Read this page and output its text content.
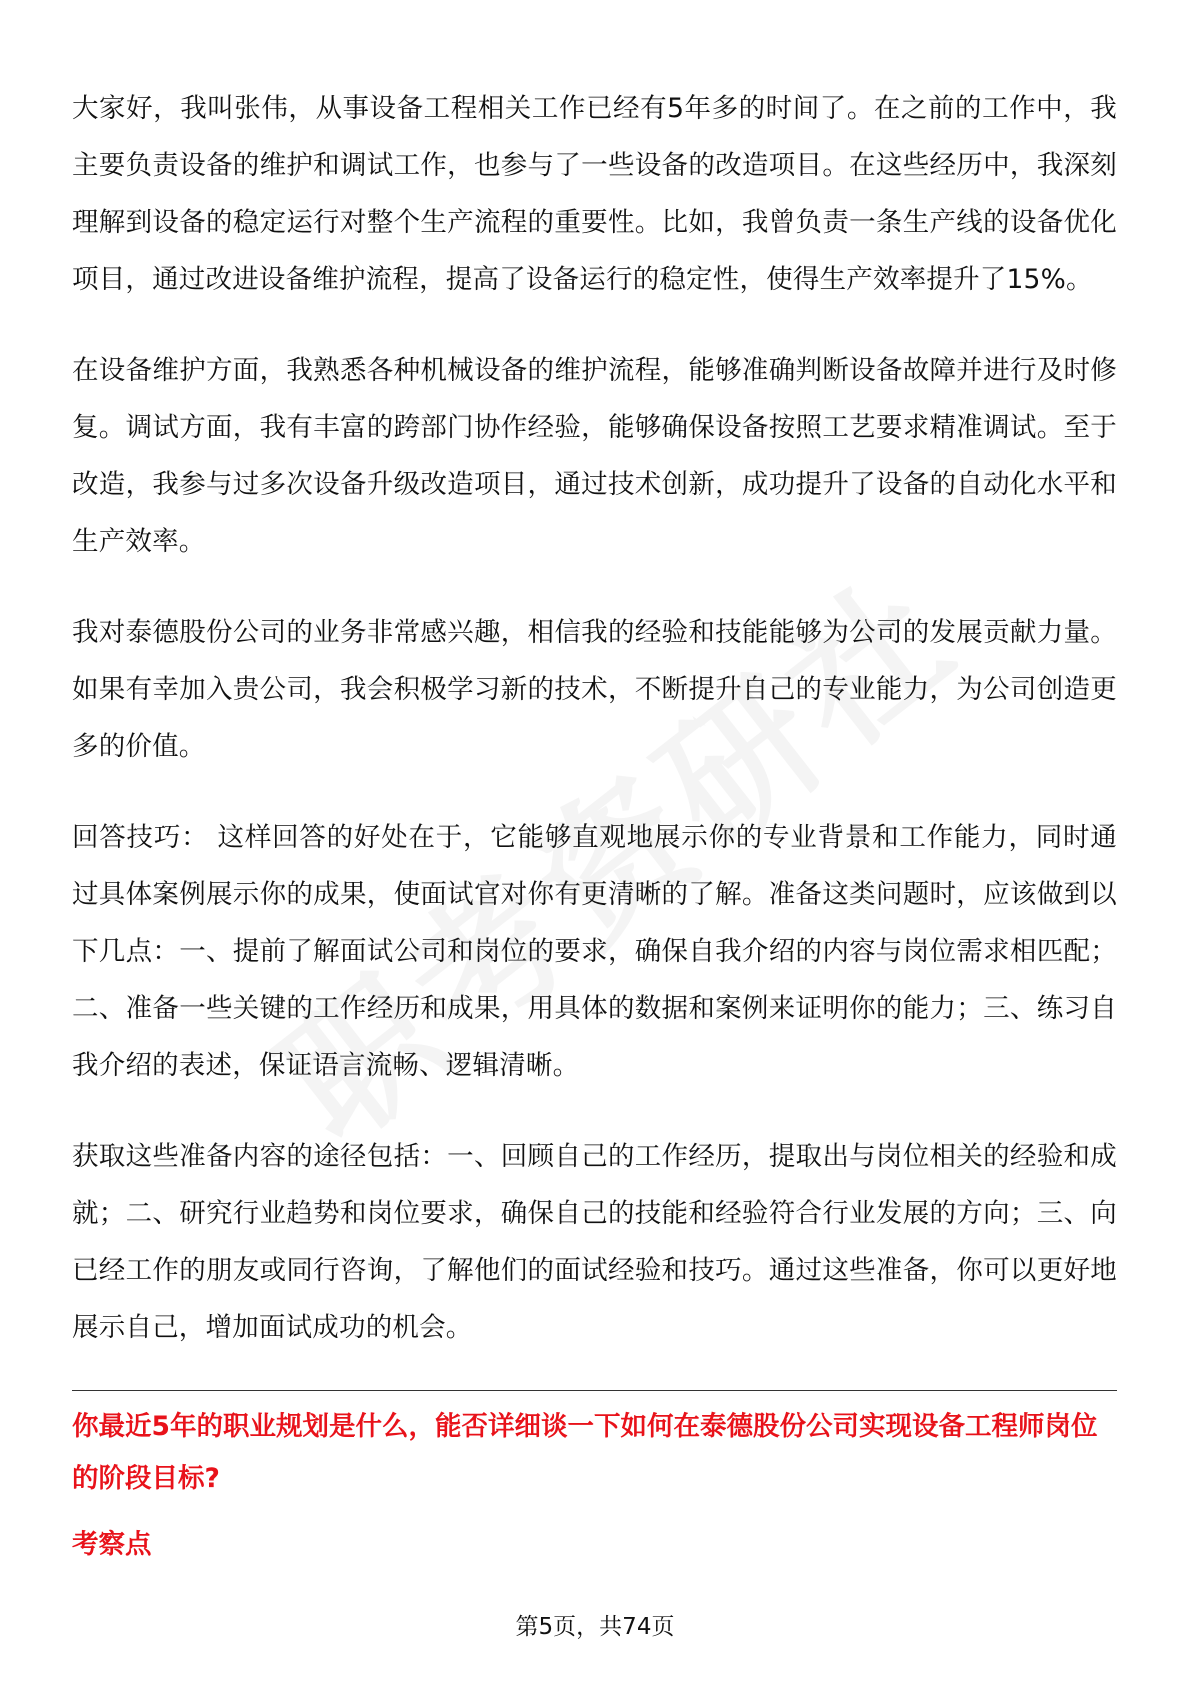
大家好，我叫张伟，从事设备工程相关工作已经有5年多的时间了。在之前的工作中，我主要负责设备的维护和调试工作，也参与了一些设备的改造项目。在这些经历中，我深刻理解到设备的稳定运行对整个生产流程的重要性。比如，我曾负责一条生产线的设备优化项目，通过改进设备维护流程，提高了设备运行的稳定性，使得生产效率提升了15%。

在设备维护方面，我熟悉各种机械设备的维护流程，能够准确判断设备故障并进行及时修复。调试方面，我有丰富的跨部门协作经验，能够确保设备按照工艺要求精准调试。至于改造，我参与过多次设备升级改造项目，通过技术创新，成功提升了设备的自动化水平和生产效率。

我对泰德股份公司的业务非常感兴趣，相信我的经验和技能能够为公司的发展贡献力量。如果有幸加入贵公司，我会积极学习新的技术，不断提升自己的专业能力，为公司创造更多的价值。

回答技巧： 这样回答的好处在于，它能够直观地展示你的专业背景和工作能力，同时通过具体案例展示你的成果，使面试官对你有更清晰的了解。准备这类问题时，应该做到以下几点：一、提前了解面试公司和岗位的要求，确保自我介绍的内容与岗位需求相匹配；二、准备一些关键的工作经历和成果，用具体的数据和案例来证明你的能力；三、练习自我介绍的表述，保证语言流畅、逻辑清晰。

获取这些准备内容的途径包括：一、回顾自己的工作经历，提取出与岗位相关的经验和成就；二、研究行业趋势和岗位要求，确保自己的技能和经验符合行业发展的方向；三、向已经工作的朋友或同行咨询，了解他们的面试经验和技巧。通过这些准备，你可以更好地展示自己，增加面试成功的机会。

你最近5年的职业规划是什么，能否详细谈一下如何在泰德股份公司实现设备工程师岗位的阶段目标?

考察点

第5页，共74页
